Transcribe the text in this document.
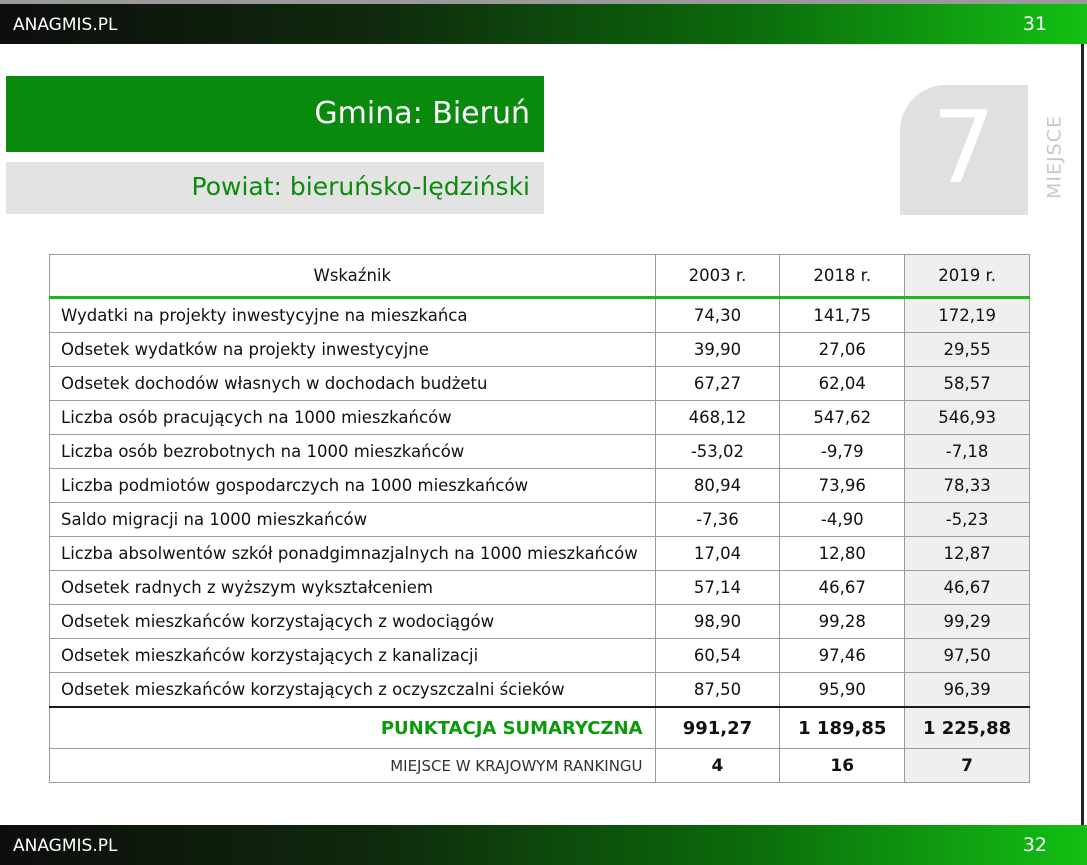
ANAGMIS.PL	31
Gmina: Bieruń
Powiat: bieruńsko-lędziński	7	MIEJSCE
Wskaźnik	2003 r.	2018 r.	2019 r.
Wydatki na projekty inwestycyjne na mieszkańca	74,30	141,75	172,19
Odsetek wydatków na projekty inwestycyjne	39,90	27,06	29,55
Odsetek dochodów własnych w dochodach budżetu	67,27	62,04	58,57
Liczba osób pracujących na 1000 mieszkańców	468,12	547,62	546,93
Liczba osób bezrobotnych na 1000 mieszkańców	-53,02	-9,79	-7,18
Liczba podmiotów gospodarczych na 1000 mieszkańców	80,94	73,96	78,33
Saldo migracji na 1000 mieszkańców	-7,36	-4,90	-5,23
Liczba absolwentów szkół ponadgimnazjalnych na 1000 mieszkańców	17,04	12,80	12,87
Odsetek radnych z wyższym wykształceniem	57,14	46,67	46,67
Odsetek mieszkańców korzystających z wodociągów	98,90	99,28	99,29
Odsetek mieszkańców korzystających z kanalizacji	60,54	97,46	97,50
Odsetek mieszkańców korzystających z oczyszczalni ścieków	87,50	95,90	96,39
PUNKTACJA SUMARYCZNA	991,27	1 189,85	1 225,88
MIEJSCE W KRAJOWYM RANKINGU	4	16	7
ANAGMIS.PL	32
